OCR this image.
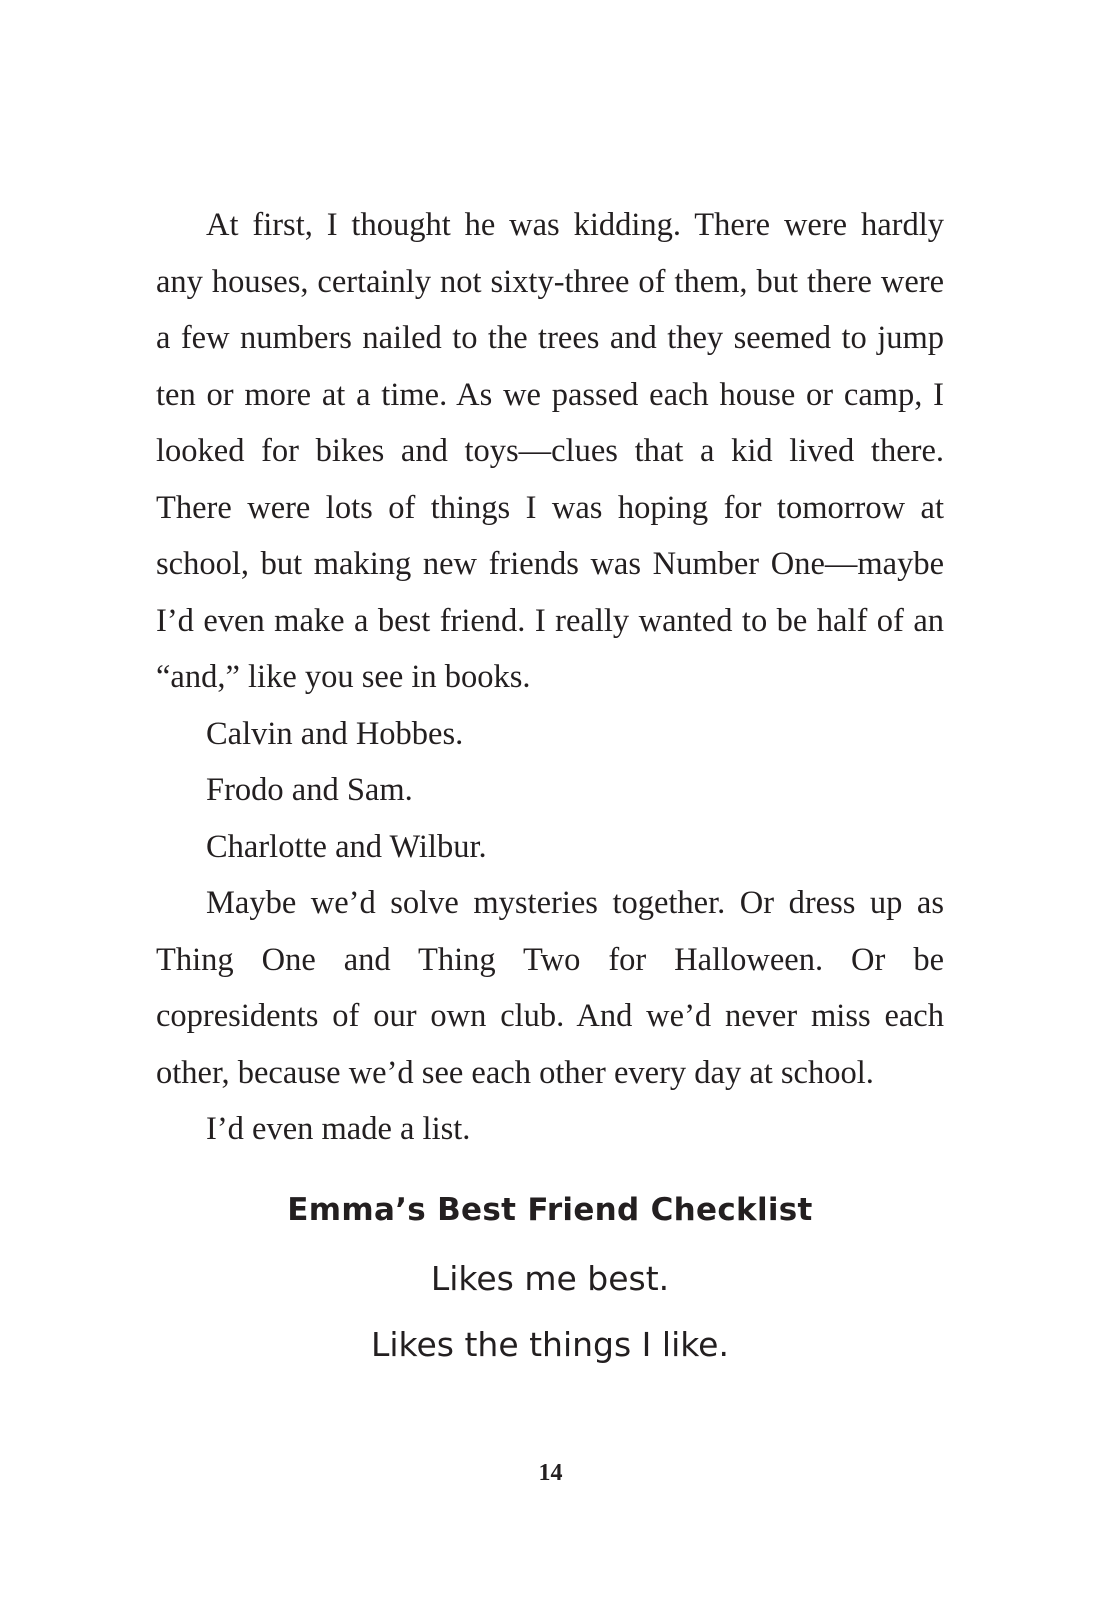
At first, I thought he was kidding. There were hardly any houses, certainly not sixty-three of them, but there were a few numbers nailed to the trees and they seemed to jump ten or more at a time. As we passed each house or camp, I looked for bikes and toys—clues that a kid lived there. There were lots of things I was hoping for tomorrow at school, but making new friends was Number One—maybe I’d even make a best friend. I really wanted to be half of an “and,” like you see in books.

Calvin and Hobbes.

Frodo and Sam.

Charlotte and Wilbur.

Maybe we’d solve mysteries together. Or dress up as Thing One and Thing Two for Halloween. Or be copresidents of our own club. And we’d never miss each other, because we’d see each other every day at school.

I’d even made a list.

Emma’s Best Friend Checklist
Likes me best.
Likes the things I like.
14
